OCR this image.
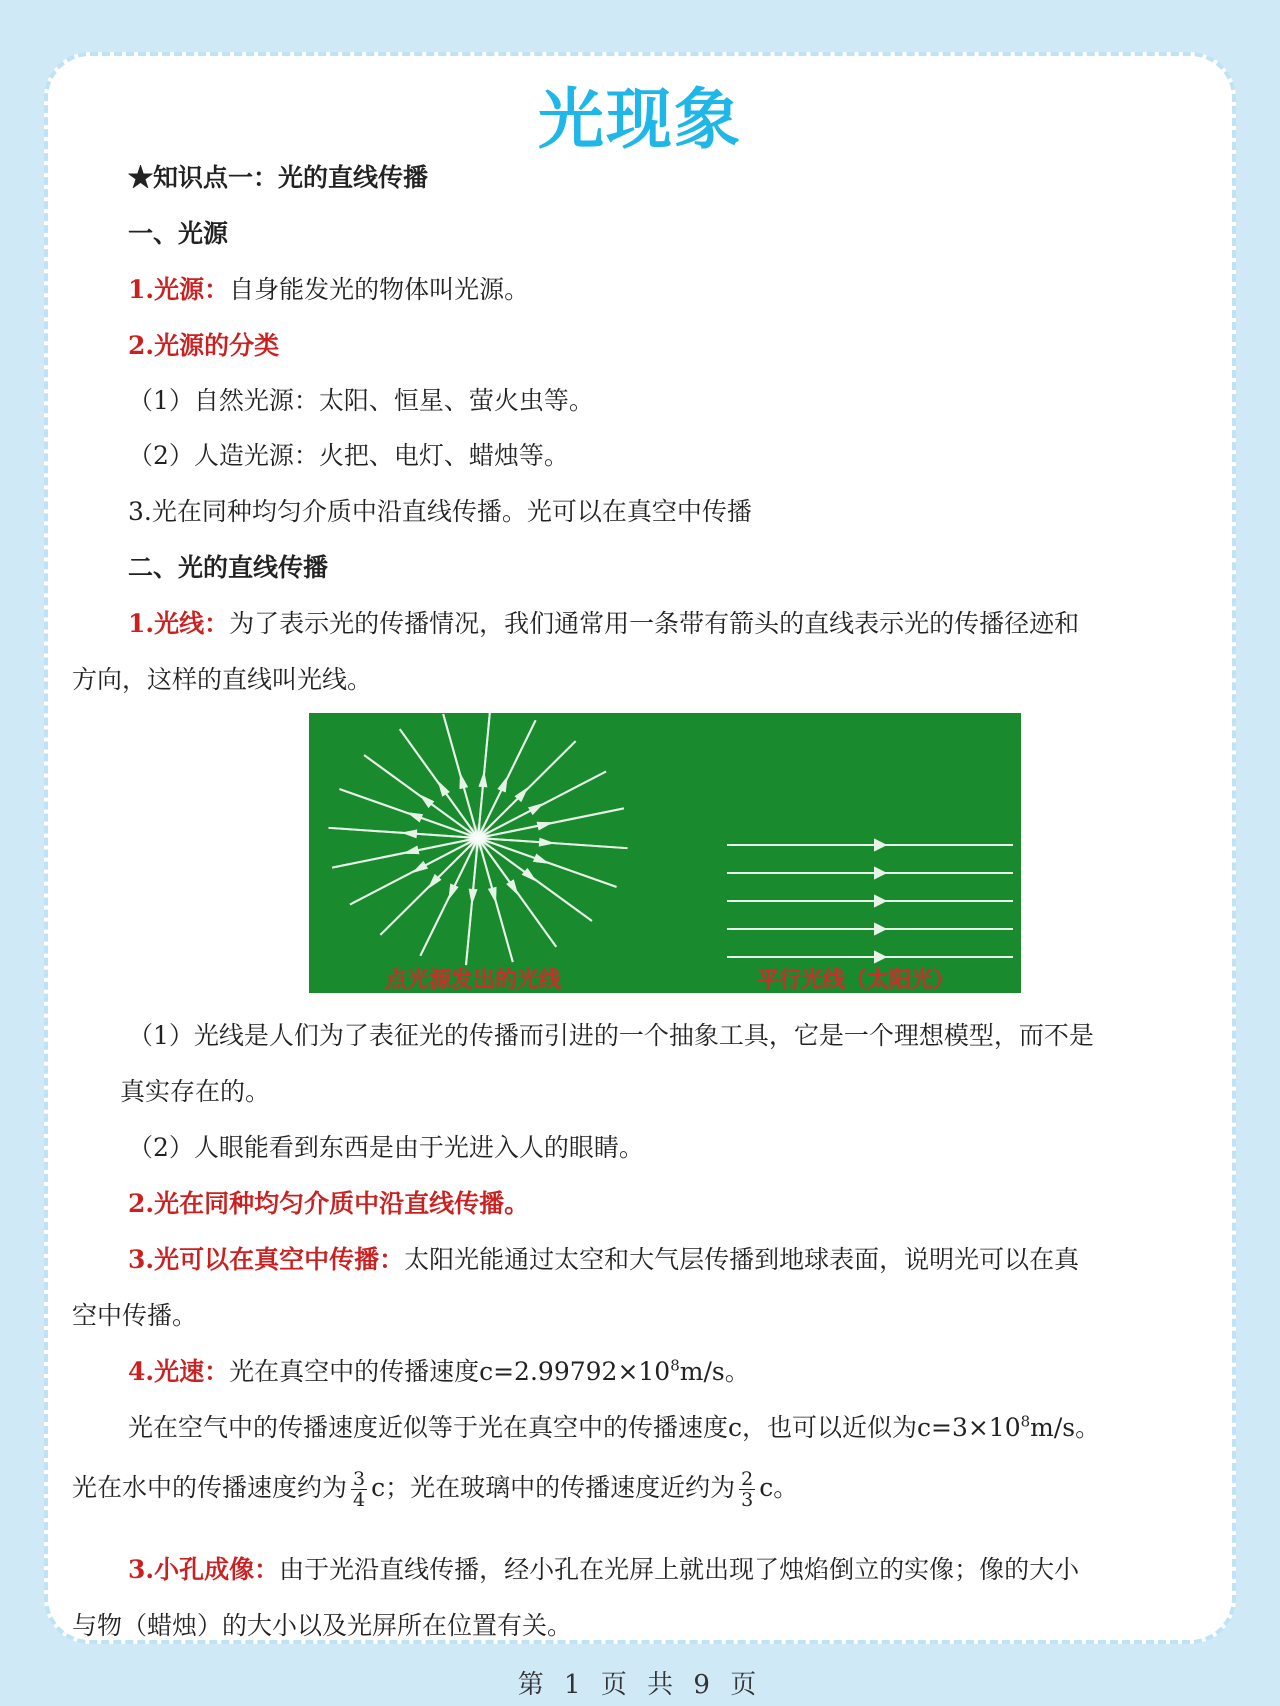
光现象
★知识点一：光的直线传播
一、光源
1.光源：自身能发光的物体叫光源。
2.光源的分类
（1）自然光源：太阳、恒星、萤火虫等。
（2）人造光源：火把、电灯、蜡烛等。
3.光在同种均匀介质中沿直线传播。光可以在真空中传播
二、光的直线传播
1.光线：为了表示光的传播情况，我们通常用一条带有箭头的直线表示光的传播径迹和
方向，这样的直线叫光线。
点光源发出的光线	平行光线（太阳光）
（1）光线是人们为了表征光的传播而引进的一个抽象工具，它是一个理想模型，而不是
真实存在的。
（2）人眼能看到东西是由于光进入人的眼睛。
2.光在同种均匀介质中沿直线传播。
3.光可以在真空中传播：太阳光能通过太空和大气层传播到地球表面，说明光可以在真
空中传播。
4.光速：光在真空中的传播速度$c=2.99792\times 10^8m/s$。
光在空气中的传播速度近似等于光在真空中的传播速度c，也可以近似为$c=3\times 10^8m/s$。
光在水中的传播速度约为 $\frac{3}{4}$ c；光在玻璃中的传播速度近约为 $\frac{2}{3}$ c。
3.小孔成像：由于光沿直线传播，经小孔在光屏上就出现了烛焰倒立的实像；像的大小
与物（蜡烛）的大小以及光屏所在位置有关。
第 1 页 共 9 页
